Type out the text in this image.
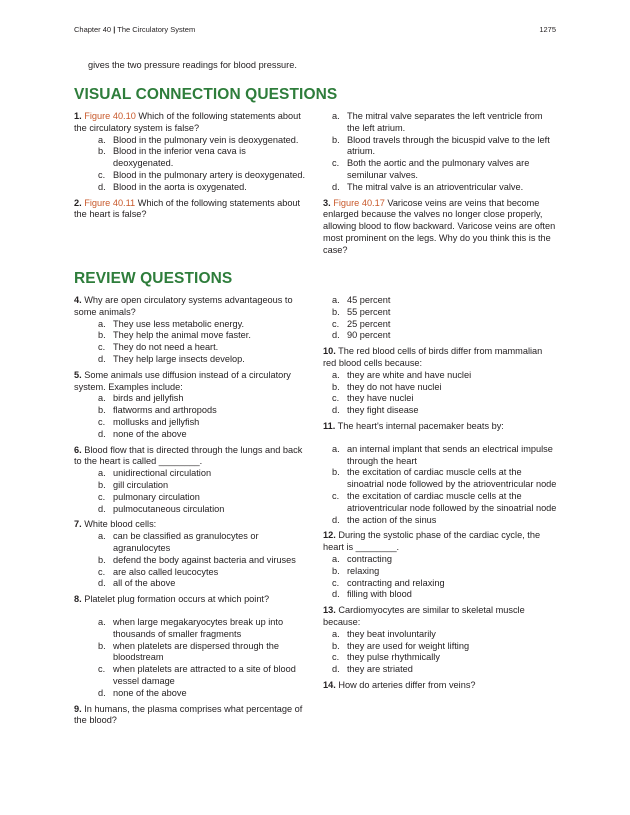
Chapter 40 | The Circulatory System	1275
gives the two pressure readings for blood pressure.
VISUAL CONNECTION QUESTIONS
1. Figure 40.10 Which of the following statements about the circulatory system is false?
a. Blood in the pulmonary vein is deoxygenated.
b. Blood in the inferior vena cava is deoxygenated.
c. Blood in the pulmonary artery is deoxygenated.
d. Blood in the aorta is oxygenated.
2. Figure 40.11 Which of the following statements about the heart is false?
a. The mitral valve separates the left ventricle from the left atrium.
b. Blood travels through the bicuspid valve to the left atrium.
c. Both the aortic and the pulmonary valves are semilunar valves.
d. The mitral valve is an atrioventricular valve.
3. Figure 40.17 Varicose veins are veins that become enlarged because the valves no longer close properly, allowing blood to flow backward. Varicose veins are often most prominent on the legs. Why do you think this is the case?
REVIEW QUESTIONS
4. Why are open circulatory systems advantageous to some animals?
a. They use less metabolic energy.
b. They help the animal move faster.
c. They do not need a heart.
d. They help large insects develop.
5. Some animals use diffusion instead of a circulatory system. Examples include:
a. birds and jellyfish
b. flatworms and arthropods
c. mollusks and jellyfish
d. none of the above
6. Blood flow that is directed through the lungs and back to the heart is called ________.
a. unidirectional circulation
b. gill circulation
c. pulmonary circulation
d. pulmocutaneous circulation
7. White blood cells:
a. can be classified as granulocytes or agranulocytes
b. defend the body against bacteria and viruses
c. are also called leucocytes
d. all of the above
8. Platelet plug formation occurs at which point?
a. when large megakaryocytes break up into thousands of smaller fragments
b. when platelets are dispersed through the bloodstream
c. when platelets are attracted to a site of blood vessel damage
d. none of the above
9. In humans, the plasma comprises what percentage of the blood?
a. 45 percent
b. 55 percent
c. 25 percent
d. 90 percent
10. The red blood cells of birds differ from mammalian red blood cells because:
a. they are white and have nuclei
b. they do not have nuclei
c. they have nuclei
d. they fight disease
11. The heart's internal pacemaker beats by:
a. an internal implant that sends an electrical impulse through the heart
b. the excitation of cardiac muscle cells at the sinoatrial node followed by the atrioventricular node
c. the excitation of cardiac muscle cells at the atrioventricular node followed by the sinoatrial node
d. the action of the sinus
12. During the systolic phase of the cardiac cycle, the heart is ________.
a. contracting
b. relaxing
c. contracting and relaxing
d. filling with blood
13. Cardiomyocytes are similar to skeletal muscle because:
a. they beat involuntarily
b. they are used for weight lifting
c. they pulse rhythmically
d. they are striated
14. How do arteries differ from veins?
